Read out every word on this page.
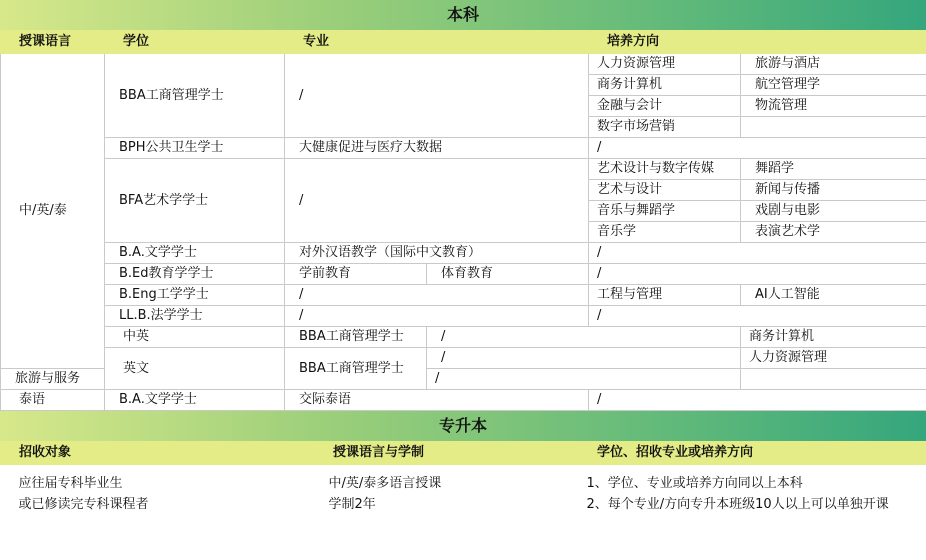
本科
授课语言	学位	专业		培养方向	
中/英/泰	BBA工商管理学士	/		人力资源管理	旅游与酒店
				商务计算机	航空管理学
				金融与会计	物流管理
				数字市场营销	
	BPH公共卫生学士	大健康促进与医疗大数据		/	
	BFA艺术学学士	/		艺术设计与数字传媒	舞蹈学
				艺术与设计	新闻与传播
				音乐与舞蹈学	戏剧与电影
				音乐学	表演艺术学
	B.A.文学学士	对外汉语教学（国际中文教育）		/	
	B.Ed教育学学士	学前教育	体育教育	/	
	B.Eng工学学士	/		工程与管理	AI人工智能
	LL.B.法学学士	/		/	
	中英	BBA工商管理学士	/		商务计算机
	英文	BBA工商管理学士	/		人力资源管理
旅游与服务			/		
泰语	B.A.文学学士	交际泰语		/	
专升本
招收对象	授课语言与学制	学位、招收专业或培养方向

应往届专科毕业生	中/英/泰多语言授课	1、学位、专业或培养方向同以上本科
或已修读完专科课程者	学制2年	2、每个专业/方向专升本班级10人以上可以单独开课
